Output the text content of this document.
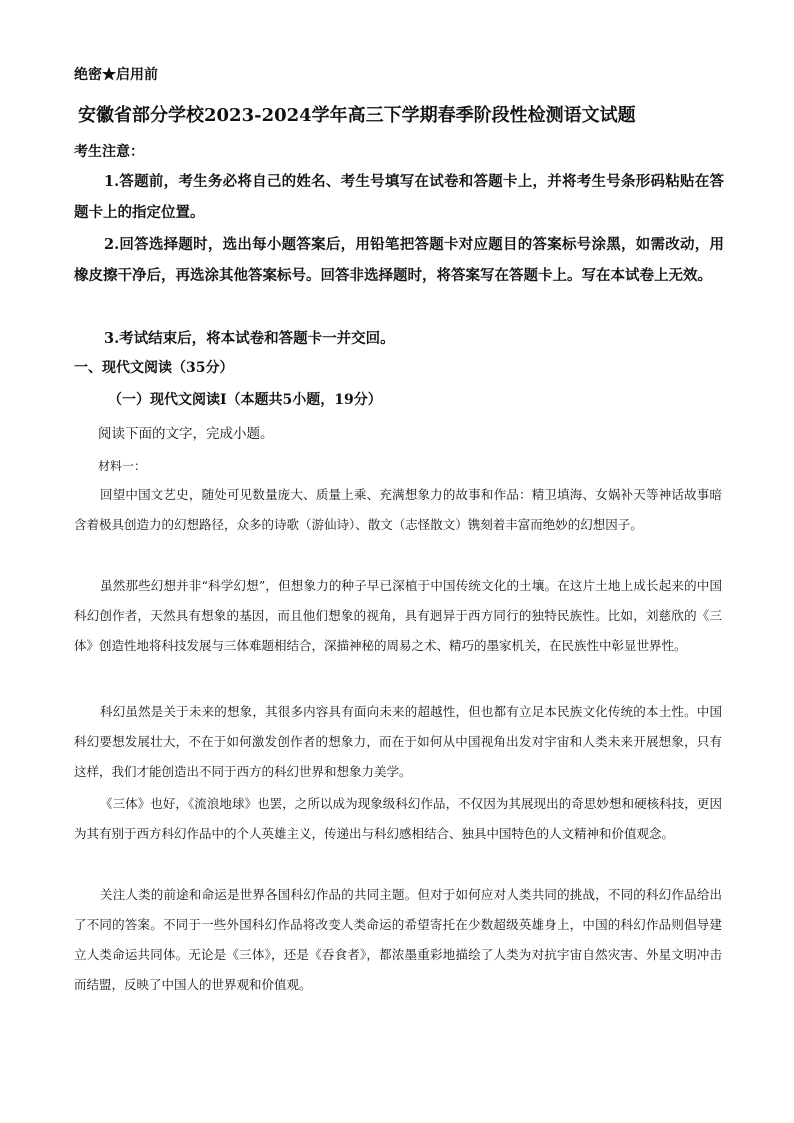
绝密★启用前
安徽省部分学校2023-2024学年高三下学期春季阶段性检测语文试题
考生注意：

1.答题前，考生务必将自己的姓名、考生号填写在试卷和答题卡上，并将考生号条形码粘贴在答题卡上的指定位置。

2.回答选择题时，选出每小题答案后，用铅笔把答题卡对应题目的答案标号涂黑，如需改动，用橡皮擦干净后，再选涂其他答案标号。回答非选择题时，将答案写在答题卡上。写在本试卷上无效。

3.考试结束后，将本试卷和答题卡一并交回。

一、现代文阅读（35分）
（一）现代文阅读Ⅰ（本题共5小题，19分）
阅读下面的文字，完成小题。
材料一：

回望中国文艺史，随处可见数量庞大、质量上乘、充满想象力的故事和作品：精卫填海、女娲补天等神话故事暗含着极具创造力的幻想路径，众多的诗歌（游仙诗）、散文（志怪散文）镌刻着丰富而绝妙的幻想因子。

虽然那些幻想并非“科学幻想”，但想象力的种子早已深植于中国传统文化的土壤。在这片土地上成长起来的中国科幻创作者，天然具有想象的基因，而且他们想象的视角，具有迥异于西方同行的独特民族性。比如，刘慈欣的《三体》创造性地将科技发展与三体难题相结合，深描神秘的周易之术、精巧的墨家机关，在民族性中彰显世界性。

科幻虽然是关于未来的想象，其很多内容具有面向未来的超越性，但也都有立足本民族文化传统的本土性。中国科幻要想发展壮大，不在于如何激发创作者的想象力，而在于如何从中国视角出发对宇宙和人类未来开展想象，只有这样，我们才能创造出不同于西方的科幻世界和想象力美学。

《三体》也好，《流浪地球》也罢，之所以成为现象级科幻作品，不仅因为其展现出的奇思妙想和硬核科技，更因为其有别于西方科幻作品中的个人英雄主义，传递出与科幻感相结合、独具中国特色的人文精神和价值观念。

关注人类的前途和命运是世界各国科幻作品的共同主题。但对于如何应对人类共同的挑战，不同的科幻作品给出了不同的答案。不同于一些外国科幻作品将改变人类命运的希望寄托在少数超级英雄身上，中国的科幻作品则倡导建立人类命运共同体。无论是《三体》，还是《吞食者》，都浓墨重彩地描绘了人类为对抗宇宙自然灾害、外星文明冲击而结盟，反映了中国人的世界观和价值观。
